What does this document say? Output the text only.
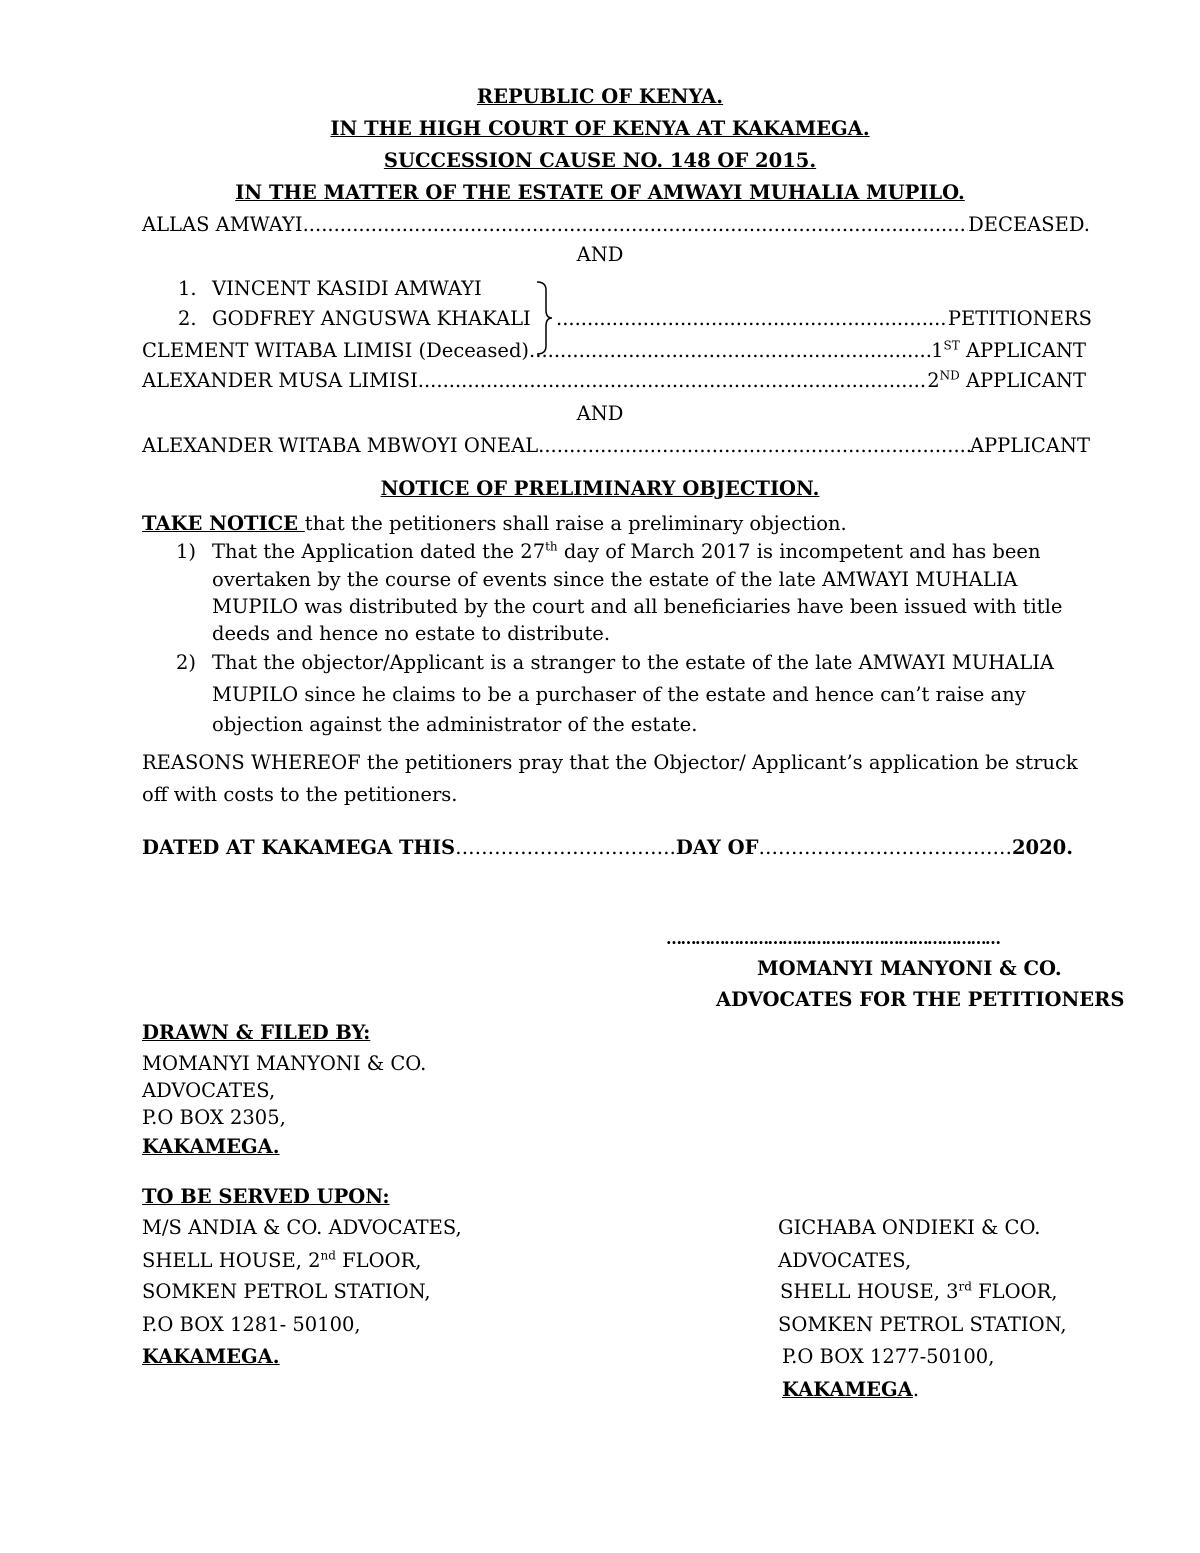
REPUBLIC OF KENYA.
IN THE HIGH COURT OF KENYA AT KAKAMEGA.
SUCCESSION CAUSE NO. 148 OF 2015.
IN THE MATTER OF THE ESTATE OF AMWAYI MUHALIA MUPILO.
ALLAS AMWAYI .....	DECEASED.
AND
1. VINCENT KASIDI AMWAYI
2. GODFREY ANGUSWA KHAKALI .....	PETITIONERS
CLEMENT WITABA LIMISI (Deceased) .....	1ST APPLICANT
ALEXANDER MUSA LIMISI .....	2ND APPLICANT
AND
ALEXANDER WITABA MBWOYI ONEAL .....	APPLICANT
NOTICE OF PRELIMINARY OBJECTION.
TAKE NOTICE that the petitioners shall raise a preliminary objection.
1) That the Application dated the 27th day of March 2017 is incompetent and has been
overtaken by the course of events since the estate of the late AMWAYI MUHALIA
MUPILO was distributed by the court and all beneficiaries have been issued with title
deeds and hence no estate to distribute.
2) That the objector/Applicant is a stranger to the estate of the late AMWAYI MUHALIA
MUPILO since he claims to be a purchaser of the estate and hence can’t raise any
objection against the administrator of the estate.
REASONS WHEREOF the petitioners pray that the Objector/ Applicant’s application be struck
off with costs to the petitioners.
DATED AT KAKAMEGA THIS…………………………….DAY OF…………………………………2020.
……………………………………………………………
MOMANYI MANYONI & CO.
ADVOCATES FOR THE PETITIONERS
DRAWN & FILED BY:
MOMANYI MANYONI & CO.
ADVOCATES,
P.O BOX 2305,
KAKAMEGA.
TO BE SERVED UPON:
M/S ANDIA & CO. ADVOCATES,
SHELL HOUSE, 2nd FLOOR,
SOMKEN PETROL STATION,
P.O BOX 1281- 50100,
KAKAMEGA.
GICHABA ONDIEKI & CO.
ADVOCATES,
SHELL HOUSE, 3rd FLOOR,
SOMKEN PETROL STATION,
P.O BOX 1277-50100,
KAKAMEGA.
